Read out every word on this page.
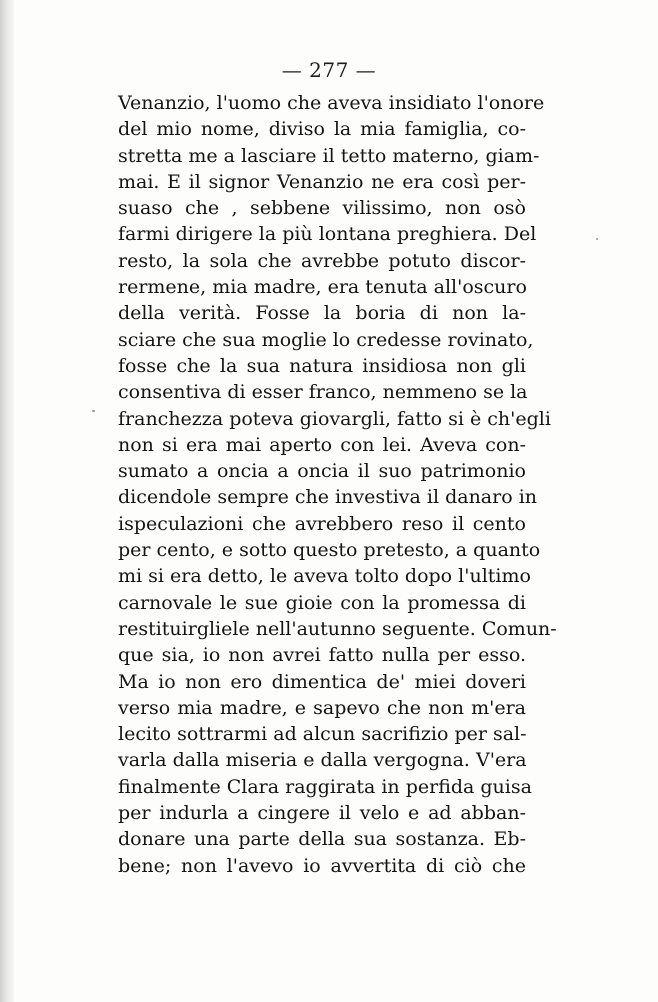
— 277 —
Venanzio, l'uomo che aveva insidiato l'onore
del mio nome, diviso la mia famiglia, co-
stretta me a lasciare il tetto materno, giam-
mai. E il signor Venanzio ne era così per-
suaso che , sebbene vilissimo, non osò
farmi dirigere la più lontana preghiera. Del
resto, la sola che avrebbe potuto discor-
rermene, mia madre, era tenuta all'oscuro
della verità. Fosse la boria di non la-
sciare che sua moglie lo credesse rovinato,
fosse che la sua natura insidiosa non gli
consentiva di esser franco, nemmeno se la
franchezza poteva giovargli, fatto si è ch'egli
non si era mai aperto con lei. Aveva con-
sumato a oncia a oncia il suo patrimonio
dicendole sempre che investiva il danaro in
ispeculazioni che avrebbero reso il cento
per cento, e sotto questo pretesto, a quanto
mi si era detto, le aveva tolto dopo l'ultimo
carnovale le sue gioie con la promessa di
restituirgliele nell'autunno seguente. Comun-
que sia, io non avrei fatto nulla per esso.
Ma io non ero dimentica de' miei doveri
verso mia madre, e sapevo che non m'era
lecito sottrarmi ad alcun sacrifizio per sal-
varla dalla miseria e dalla vergogna. V'era
finalmente Clara raggirata in perfida guisa
per indurla a cingere il velo e ad abban-
donare una parte della sua sostanza. Eb-
bene; non l'avevo io avvertita di ciò che
